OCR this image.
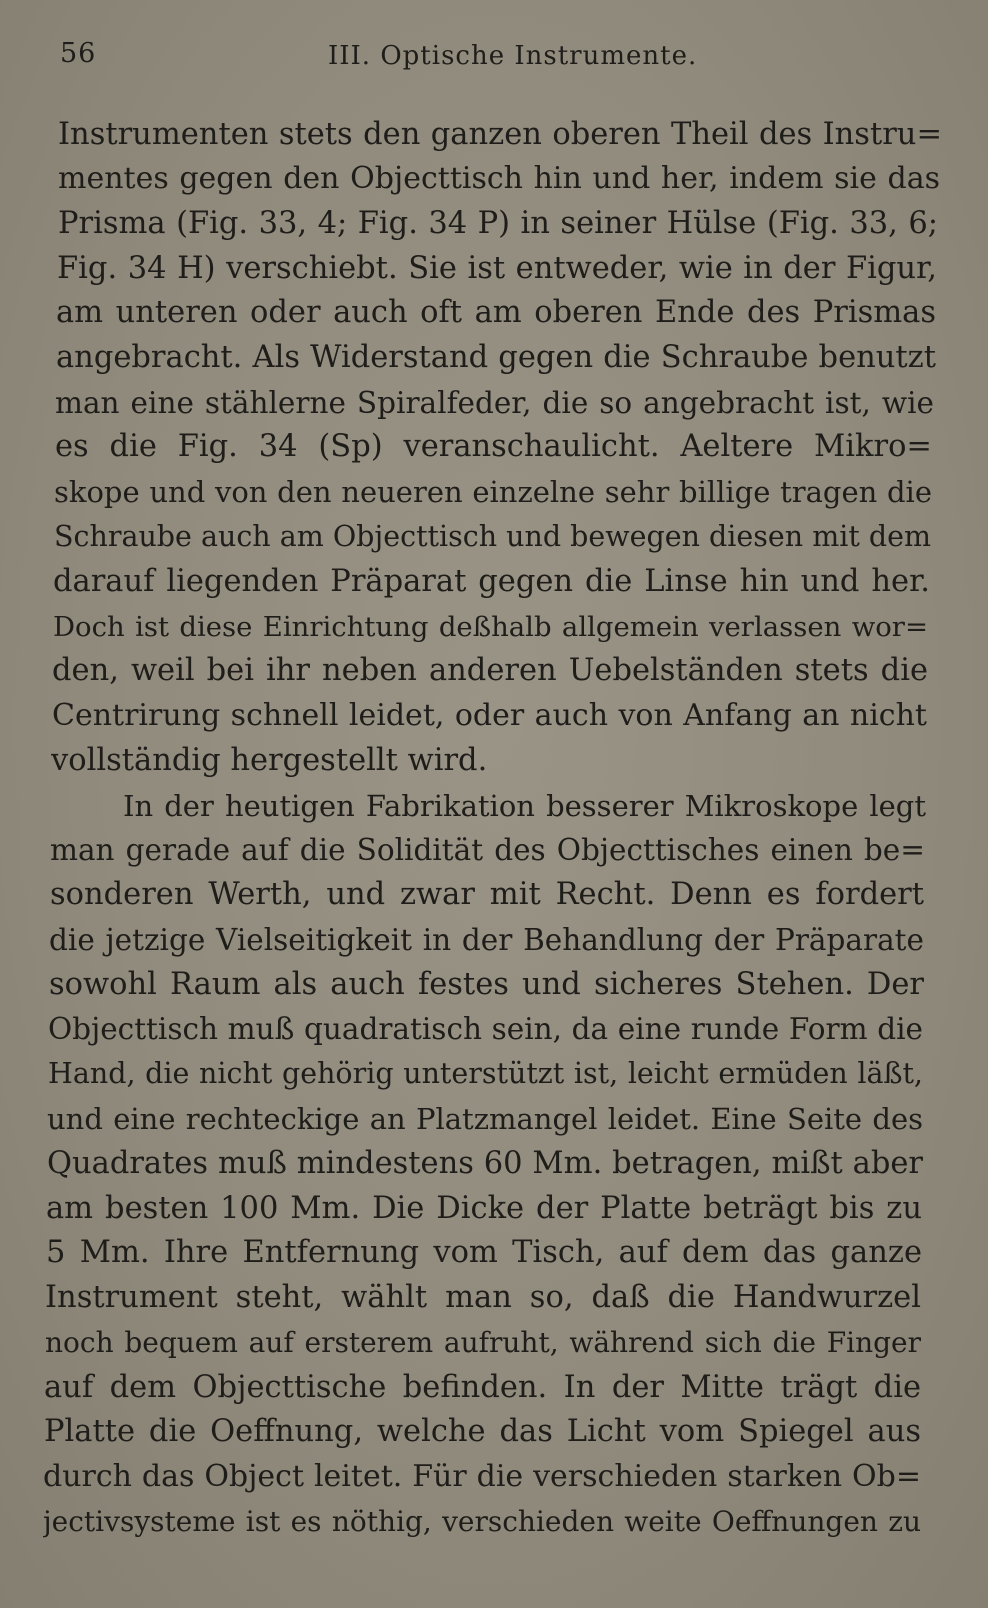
56	III. Optische Instrumente.
Instrumenten stets den ganzen oberen Theil des Instru=
mentes gegen den Objecttisch hin und her, indem sie das
Prisma (Fig. 33, 4; Fig. 34 P) in seiner Hülse (Fig. 33, 6;
Fig. 34 H) verschiebt. Sie ist entweder, wie in der Figur,
am unteren oder auch oft am oberen Ende des Prismas
angebracht. Als Widerstand gegen die Schraube benutzt
man eine stählerne Spiralfeder, die so angebracht ist, wie
es die Fig. 34 (Sp) veranschaulicht. Aeltere Mikro=
skope und von den neueren einzelne sehr billige tragen die
Schraube auch am Objecttisch und bewegen diesen mit dem
darauf liegenden Präparat gegen die Linse hin und her.
Doch ist diese Einrichtung deßhalb allgemein verlassen wor=
den, weil bei ihr neben anderen Uebelständen stets die
Centrirung schnell leidet, oder auch von Anfang an nicht
vollständig hergestellt wird.
In der heutigen Fabrikation besserer Mikroskope legt
man gerade auf die Solidität des Objecttisches einen be=
sonderen Werth, und zwar mit Recht. Denn es fordert
die jetzige Vielseitigkeit in der Behandlung der Präparate
sowohl Raum als auch festes und sicheres Stehen. Der
Objecttisch muß quadratisch sein, da eine runde Form die
Hand, die nicht gehörig unterstützt ist, leicht ermüden läßt,
und eine rechteckige an Platzmangel leidet. Eine Seite des
Quadrates muß mindestens 60 Mm. betragen, mißt aber
am besten 100 Mm. Die Dicke der Platte beträgt bis zu
5 Mm. Ihre Entfernung vom Tisch, auf dem das ganze
Instrument steht, wählt man so, daß die Handwurzel
noch bequem auf ersterem aufruht, während sich die Finger
auf dem Objecttische befinden. In der Mitte trägt die
Platte die Oeffnung, welche das Licht vom Spiegel aus
durch das Object leitet. Für die verschieden starken Ob=
jectivsysteme ist es nöthig, verschieden weite Oeffnungen zu
